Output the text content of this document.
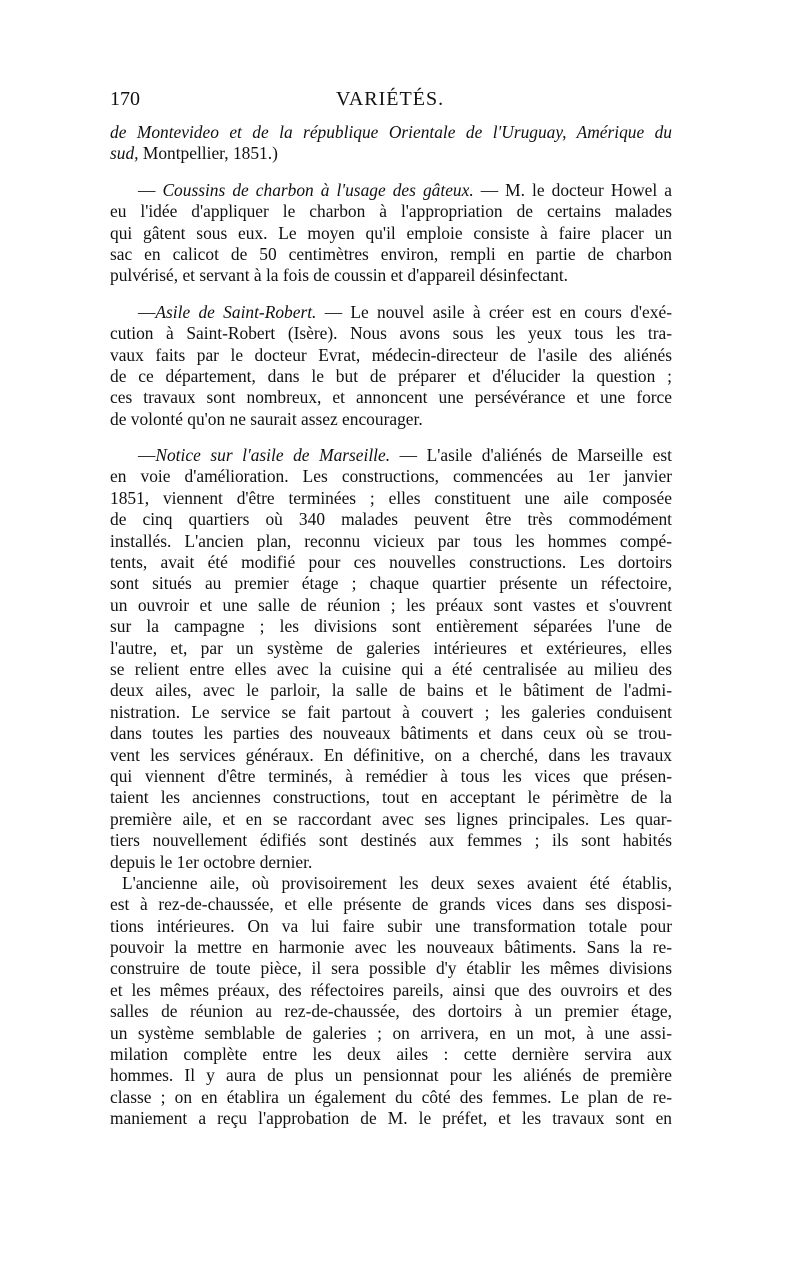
170	VARIÉTÉS.
de Montevideo et de la république Orientale de l'Uruguay, Amérique du
sud, Montpellier, 1851.)
— Coussins de charbon à l'usage des gâteux. — M. le docteur Howel a
eu l'idée d'appliquer le charbon à l'appropriation de certains malades
qui gâtent sous eux. Le moyen qu'il emploie consiste à faire placer un
sac en calicot de 50 centimètres environ, rempli en partie de charbon
pulvérisé, et servant à la fois de coussin et d'appareil désinfectant.
—Asile de Saint-Robert. — Le nouvel asile à créer est en cours d'exé-
cution à Saint-Robert (Isère). Nous avons sous les yeux tous les tra-
vaux faits par le docteur Evrat, médecin-directeur de l'asile des aliénés
de ce département, dans le but de préparer et d'élucider la question ;
ces travaux sont nombreux, et annoncent une persévérance et une force
de volonté qu'on ne saurait assez encourager.
—Notice sur l'asile de Marseille. — L'asile d'aliénés de Marseille est
en voie d'amélioration. Les constructions, commencées au 1er janvier
1851, viennent d'être terminées ; elles constituent une aile composée
de cinq quartiers où 340 malades peuvent être très commodément
installés. L'ancien plan, reconnu vicieux par tous les hommes compé-
tents, avait été modifié pour ces nouvelles constructions. Les dortoirs
sont situés au premier étage ; chaque quartier présente un réfectoire,
un ouvroir et une salle de réunion ; les préaux sont vastes et s'ouvrent
sur la campagne ; les divisions sont entièrement séparées l'une de
l'autre, et, par un système de galeries intérieures et extérieures, elles
se relient entre elles avec la cuisine qui a été centralisée au milieu des
deux ailes, avec le parloir, la salle de bains et le bâtiment de l'admi-
nistration. Le service se fait partout à couvert ; les galeries conduisent
dans toutes les parties des nouveaux bâtiments et dans ceux où se trou-
vent les services généraux. En définitive, on a cherché, dans les travaux
qui viennent d'être terminés, à remédier à tous les vices que présen-
taient les anciennes constructions, tout en acceptant le périmètre de la
première aile, et en se raccordant avec ses lignes principales. Les quar-
tiers nouvellement édifiés sont destinés aux femmes ; ils sont habités
depuis le 1er octobre dernier.
L'ancienne aile, où provisoirement les deux sexes avaient été établis,
est à rez-de-chaussée, et elle présente de grands vices dans ses disposi-
tions intérieures. On va lui faire subir une transformation totale pour
pouvoir la mettre en harmonie avec les nouveaux bâtiments. Sans la re-
construire de toute pièce, il sera possible d'y établir les mêmes divisions
et les mêmes préaux, des réfectoires pareils, ainsi que des ouvroirs et des
salles de réunion au rez-de-chaussée, des dortoirs à un premier étage,
un système semblable de galeries ; on arrivera, en un mot, à une assi-
milation complète entre les deux ailes : cette dernière servira aux
hommes. Il y aura de plus un pensionnat pour les aliénés de première
classe ; on en établira un également du côté des femmes. Le plan de re-
maniement a reçu l'approbation de M. le préfet, et les travaux sont en
